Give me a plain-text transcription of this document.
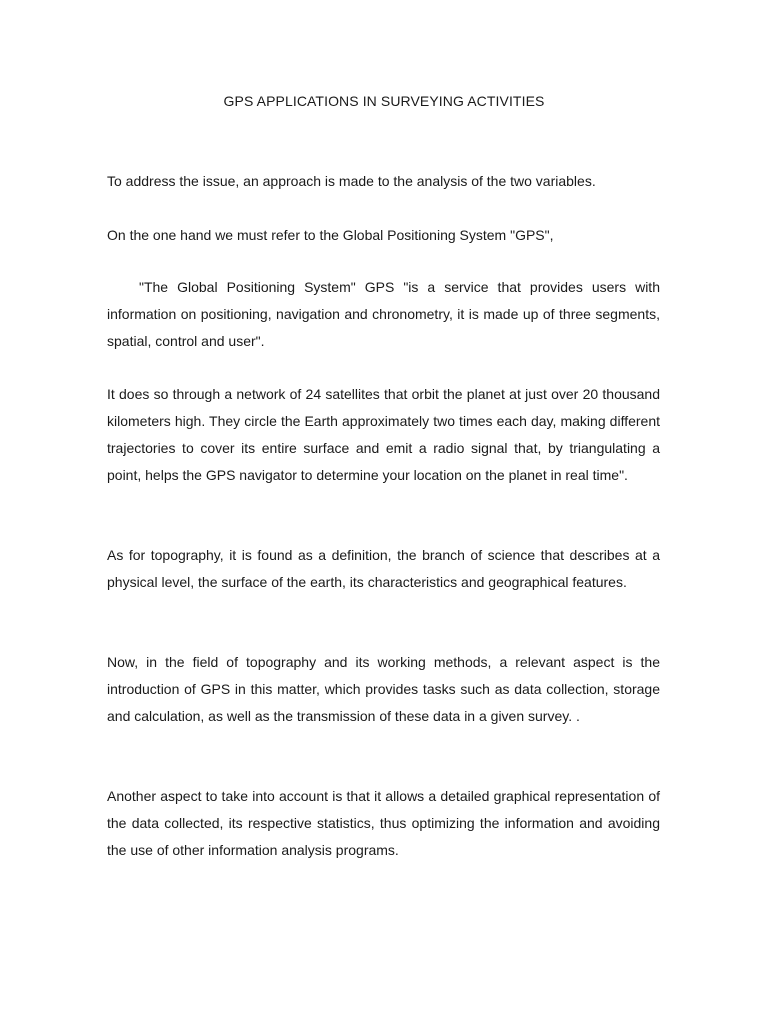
GPS APPLICATIONS IN SURVEYING ACTIVITIES

To address the issue, an approach is made to the analysis of the two variables.

On the one hand we must refer to the Global Positioning System "GPS",

"The Global Positioning System" GPS "is a service that provides users with information on positioning, navigation and chronometry, it is made up of three segments, spatial, control and user".

It does so through a network of 24 satellites that orbit the planet at just over 20 thousand kilometers high. They circle the Earth approximately two times each day, making different trajectories to cover its entire surface and emit a radio signal that, by triangulating a point, helps the GPS navigator to determine your location on the planet in real time".

As for topography, it is found as a definition, the branch of science that describes at a physical level, the surface of the earth, its characteristics and geographical features.

Now, in the field of topography and its working methods, a relevant aspect is the introduction of GPS in this matter, which provides tasks such as data collection, storage and calculation, as well as the transmission of these data in a given survey. .

Another aspect to take into account is that it allows a detailed graphical representation of the data collected, its respective statistics, thus optimizing the information and avoiding the use of other information analysis programs.
